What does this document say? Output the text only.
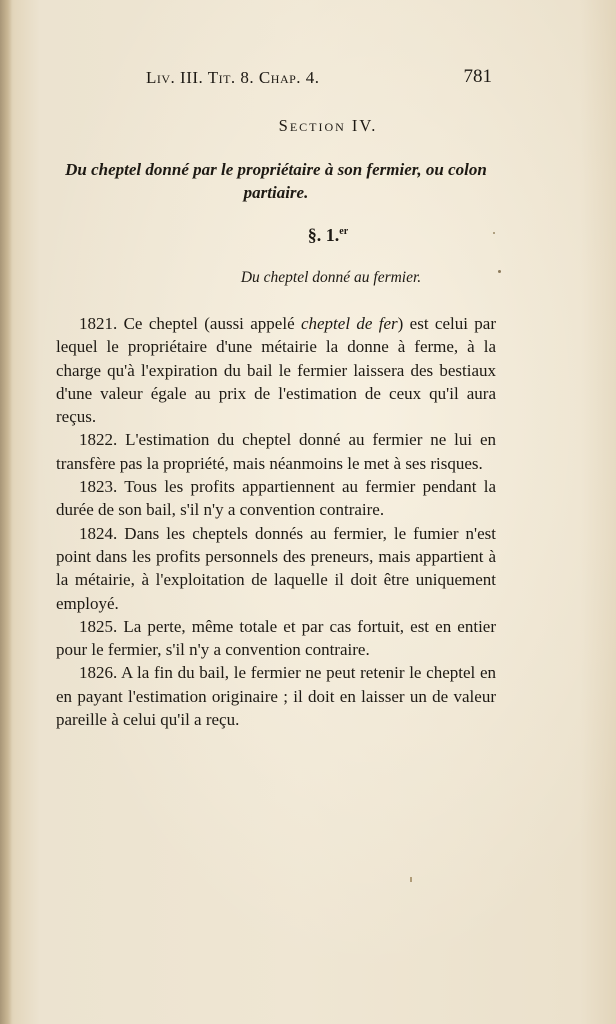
Liv. III. Tit. 8. Chap. 4.	781
Section IV.
Du cheptel donné par le propriétaire à son fermier, ou colon partiaire.
§. 1.$^{er}$
Du cheptel donné au fermier.

1821. Ce cheptel (aussi appelé cheptel de fer) est celui par lequel le propriétaire d'une métairie la donne à ferme, à la charge qu'à l'expiration du bail le fermier laissera des bestiaux d'une valeur égale au prix de l'estimation de ceux qu'il aura reçus.

1822. L'estimation du cheptel donné au fermier ne lui en transfère pas la propriété, mais néanmoins le met à ses risques.

1823. Tous les profits appartiennent au fermier pendant la durée de son bail, s'il n'y a convention contraire.

1824. Dans les cheptels donnés au fermier, le fumier n'est point dans les profits personnels des preneurs, mais appartient à la métairie, à l'exploitation de laquelle il doit être uniquement employé.

1825. La perte, même totale et par cas fortuit, est en entier pour le fermier, s'il n'y a convention contraire.

1826. A la fin du bail, le fermier ne peut retenir le cheptel en en payant l'estimation originaire ; il doit en laisser un de valeur pareille à celui qu'il a reçu.
